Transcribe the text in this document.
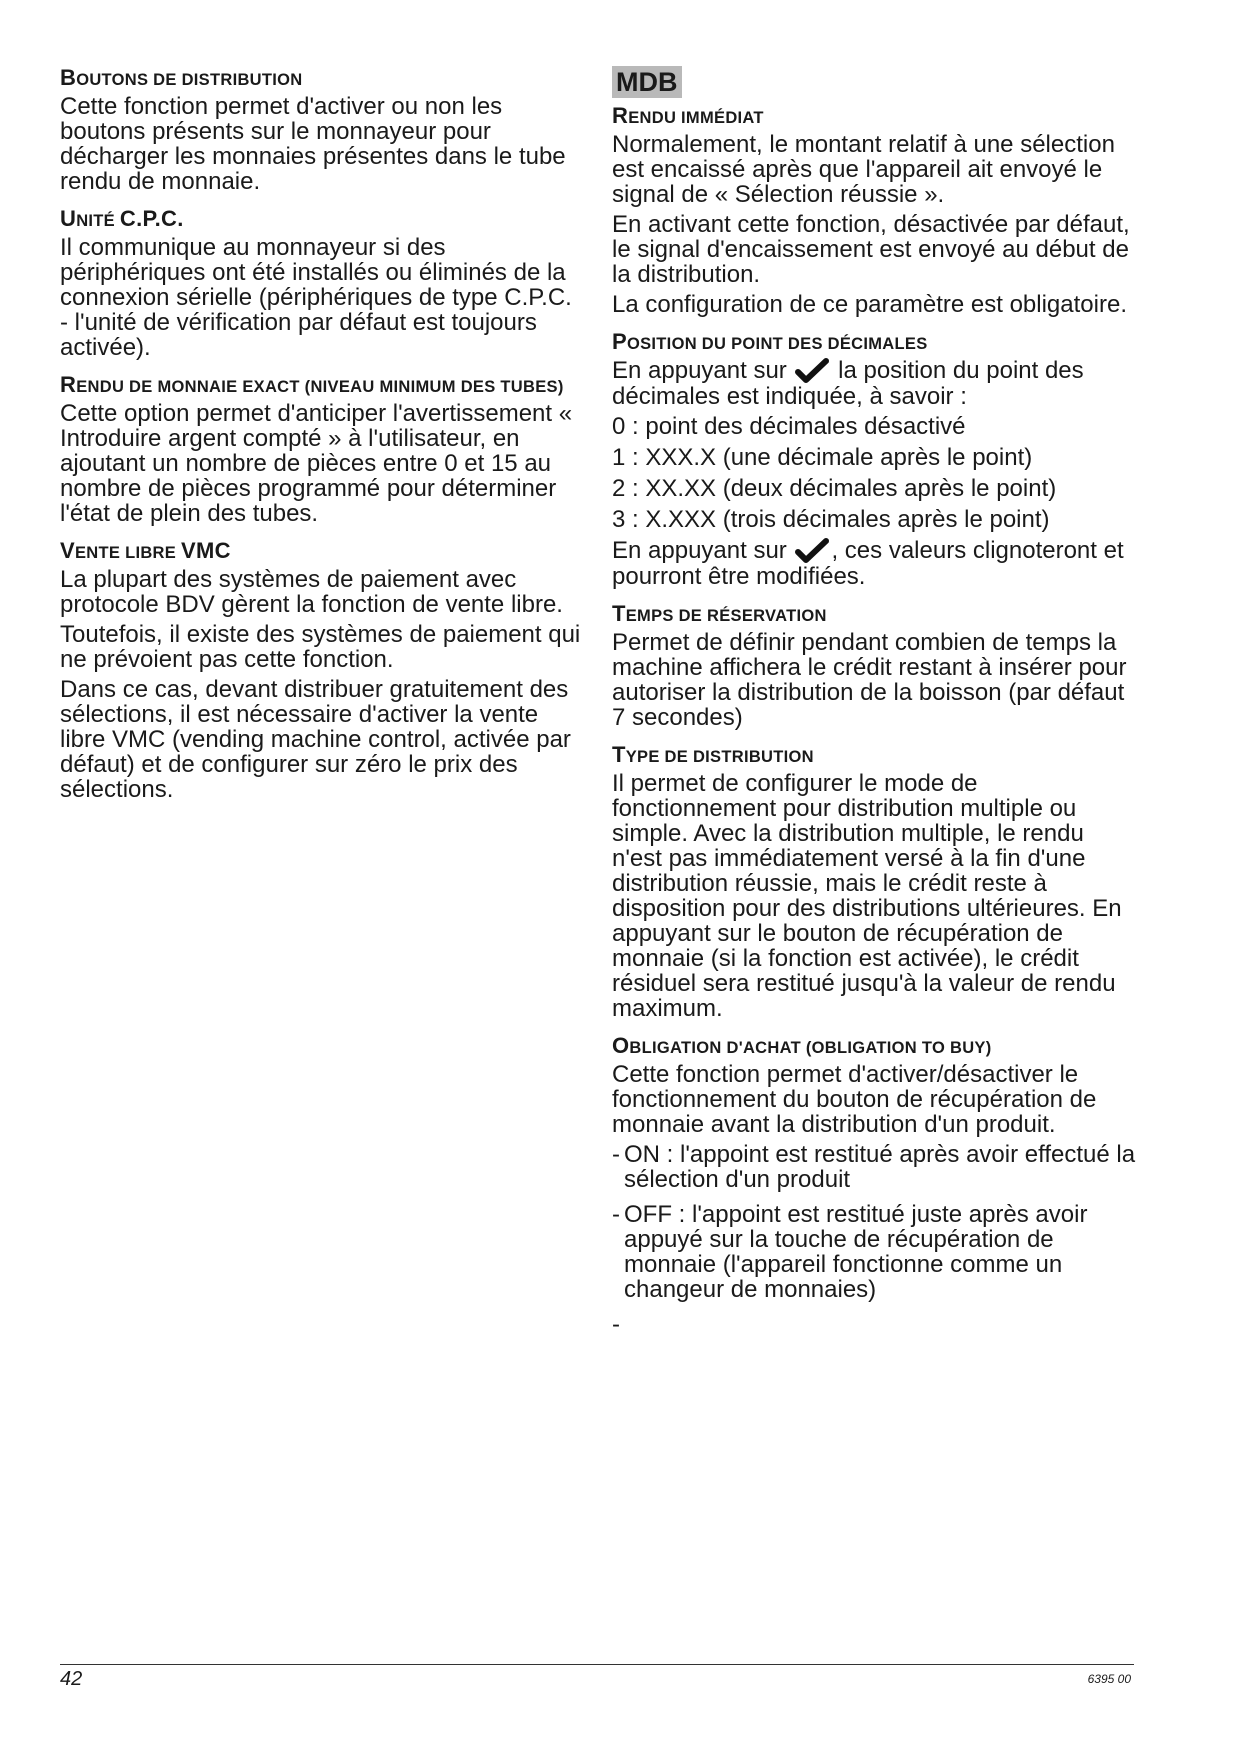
BOUTONS DE DISTRIBUTION

Cette fonction permet d'activer ou non les boutons présents sur le monnayeur pour décharger les monnaies présentes dans le tube rendu de monnaie.

UNITÉ C.P.C.

Il communique au monnayeur si des périphériques ont été installés ou éliminés de la connexion sérielle (périphériques de type C.P.C. - l'unité de vérification par défaut est toujours activée).

RENDU DE MONNAIE EXACT (NIVEAU MINIMUM DES TUBES)

Cette option permet d'anticiper l'avertissement « Introduire argent compté » à l'utilisateur, en ajoutant un nombre de pièces entre 0 et 15 au nombre de pièces programmé pour déterminer l'état de plein des tubes.

VENTE LIBRE VMC

La plupart des systèmes de paiement avec protocole BDV gèrent la fonction de vente libre.

Toutefois, il existe des systèmes de paiement qui ne prévoient pas cette fonction.

Dans ce cas, devant distribuer gratuitement des sélections, il est nécessaire d'activer la vente libre VMC (vending machine control, activée par défaut) et de configurer sur zéro le prix des sélections.

MDB
RENDU IMMÉDIAT

Normalement, le montant relatif à une sélection est encaissé après que l'appareil ait envoyé le signal de « Sélection réussie ».

En activant cette fonction, désactivée par défaut, le signal d'encaissement est envoyé au début de la distribution.

La configuration de ce paramètre est obligatoire.

POSITION DU POINT DES DÉCIMALES

En appuyant sur la position du point des décimales est indiquée, à savoir :

0 : point des décimales désactivé
1 : XXX.X (une décimale après le point)
2 : XX.XX (deux décimales après le point)
3 : X.XXX (trois décimales après le point)

En appuyant sur , ces valeurs clignoteront et pourront être modifiées.

TEMPS DE RÉSERVATION

Permet de définir pendant combien de temps la machine affichera le crédit restant à insérer pour autoriser la distribution de la boisson (par défaut 7 secondes)

TYPE DE DISTRIBUTION

Il permet de configurer le mode de fonctionnement pour distribution multiple ou simple. Avec la distribution multiple, le rendu n'est pas immédiatement versé à la fin d'une distribution réussie, mais le crédit reste à disposition pour des distributions ultérieures. En appuyant sur le bouton de récupération de monnaie (si la fonction est activée), le crédit résiduel sera restitué jusqu'à la valeur de rendu maximum.

OBLIGATION D'ACHAT (OBLIGATION TO BUY)

Cette fonction permet d'activer/désactiver le fonctionnement du bouton de récupération de monnaie avant la distribution d'un produit.

- ON : l'appoint est restitué après avoir effectué la sélection d'un produit
- OFF : l'appoint est restitué juste après avoir appuyé sur la touche de récupération de monnaie (l'appareil fonctionne comme un changeur de monnaies)
-
42	6395 00
